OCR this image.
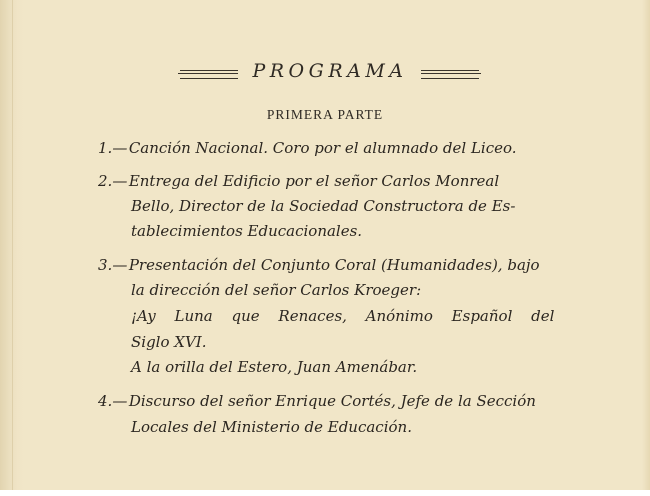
PROGRAMA
PRIMERA PARTE
1.— Canción Nacional. Coro por el alumnado del Liceo.
2.— Entrega del Edificio por el señor Carlos Monreal
Bello, Director de la Sociedad Constructora de Es-
tablecimientos Educacionales.
3.— Presentación del Conjunto Coral (Humanidades), bajo
la dirección del señor Carlos Kroeger:
¡Ay Luna que Renaces, Anónimo Español del
Siglo XVI.
A la orilla del Estero, Juan Amenábar.
4.— Discurso del señor Enrique Cortés, Jefe de la Sección
Locales del Ministerio de Educación.
